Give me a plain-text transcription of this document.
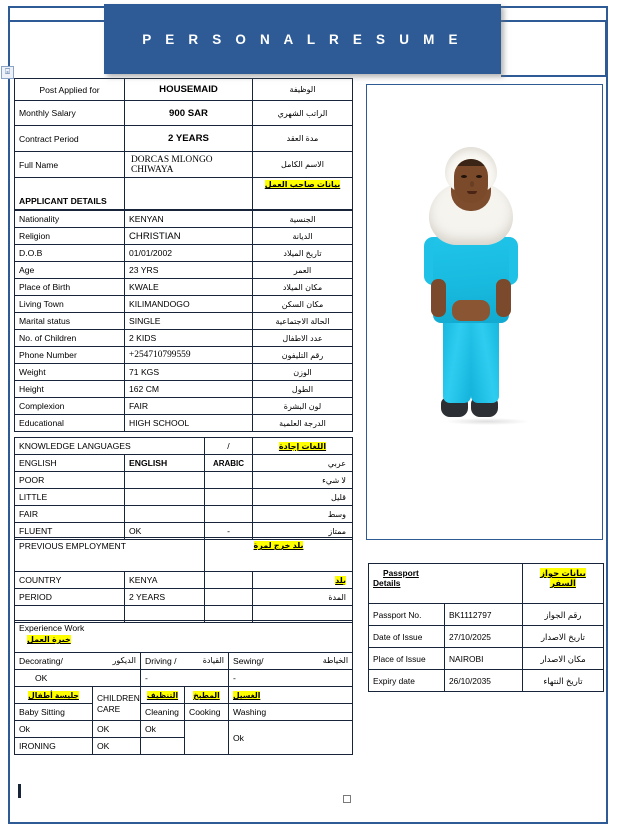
P E R S O N A L R E S U M E
⌻
Post Applied for	HOUSEMAID	الوظيفة
Monthly Salary	900 SAR	الراتب الشهري
Contract Period	2 YEARS	مدة العقد
Full Name	DORCAS MLONGO CHIWAYA	الاسم الكامل
APPLICANT DETAILS		بيانات صاحب العمل
Nationality	KENYAN	الجنسية
Religion	CHRISTIAN	الديانة
D.O.B	01/01/2002	تاريخ الميلاد
Age	23 YRS	العمر
Place of Birth	KWALE	مكان الميلاد
Living Town	KILIMANDOGO	مكان السكن
Marital status	SINGLE	الحالة الاجتماعية
No. of Children	2 KIDS	عدد الاطفال
Phone Number	+254710799559	رقم التليفون
Weight	71 KGS	الوزن
Height	162 CM	الطول
Complexion	FAIR	لون البشرة
Educational	HIGH SCHOOL	الدرجة العلمية
KNOWLEDGE LANGUAGES		/	اللغات إجادة
ENGLISH	ENGLISH	ARABIC	عربي
POOR			لا شيء
LITTLE			قليل
FAIR			وسط
FLUENT	OK	-	ممتاز
PREVIOUS EMPLOYMENT		بلد خرج لمرة	
COUNTRY	KENYA		بلد
PERIOD	2 YEARS		المدة

Experience Work
خبرة العمل				

Decorating/ الديكور		Driving / القيادة		Sewing/ الخياطة

OK		-		-
جليسة أطفال	CHILDREN CARE	التنظيف	المطبخ	الغسيل
Baby Sitting		Cleaning	Cooking	Washing
Ok	OK	Ok		Ok
IRONING	OK			
Passport
Details

بيانات جواز
السفر

Passport No.	BK1112797	رقم الجواز
Date of Issue	27/10/2025	تاريخ الاصدار
Place of Issue	NAIROBI	مكان الاصدار
Expiry date	26/10/2035	تاريخ النتهاء
